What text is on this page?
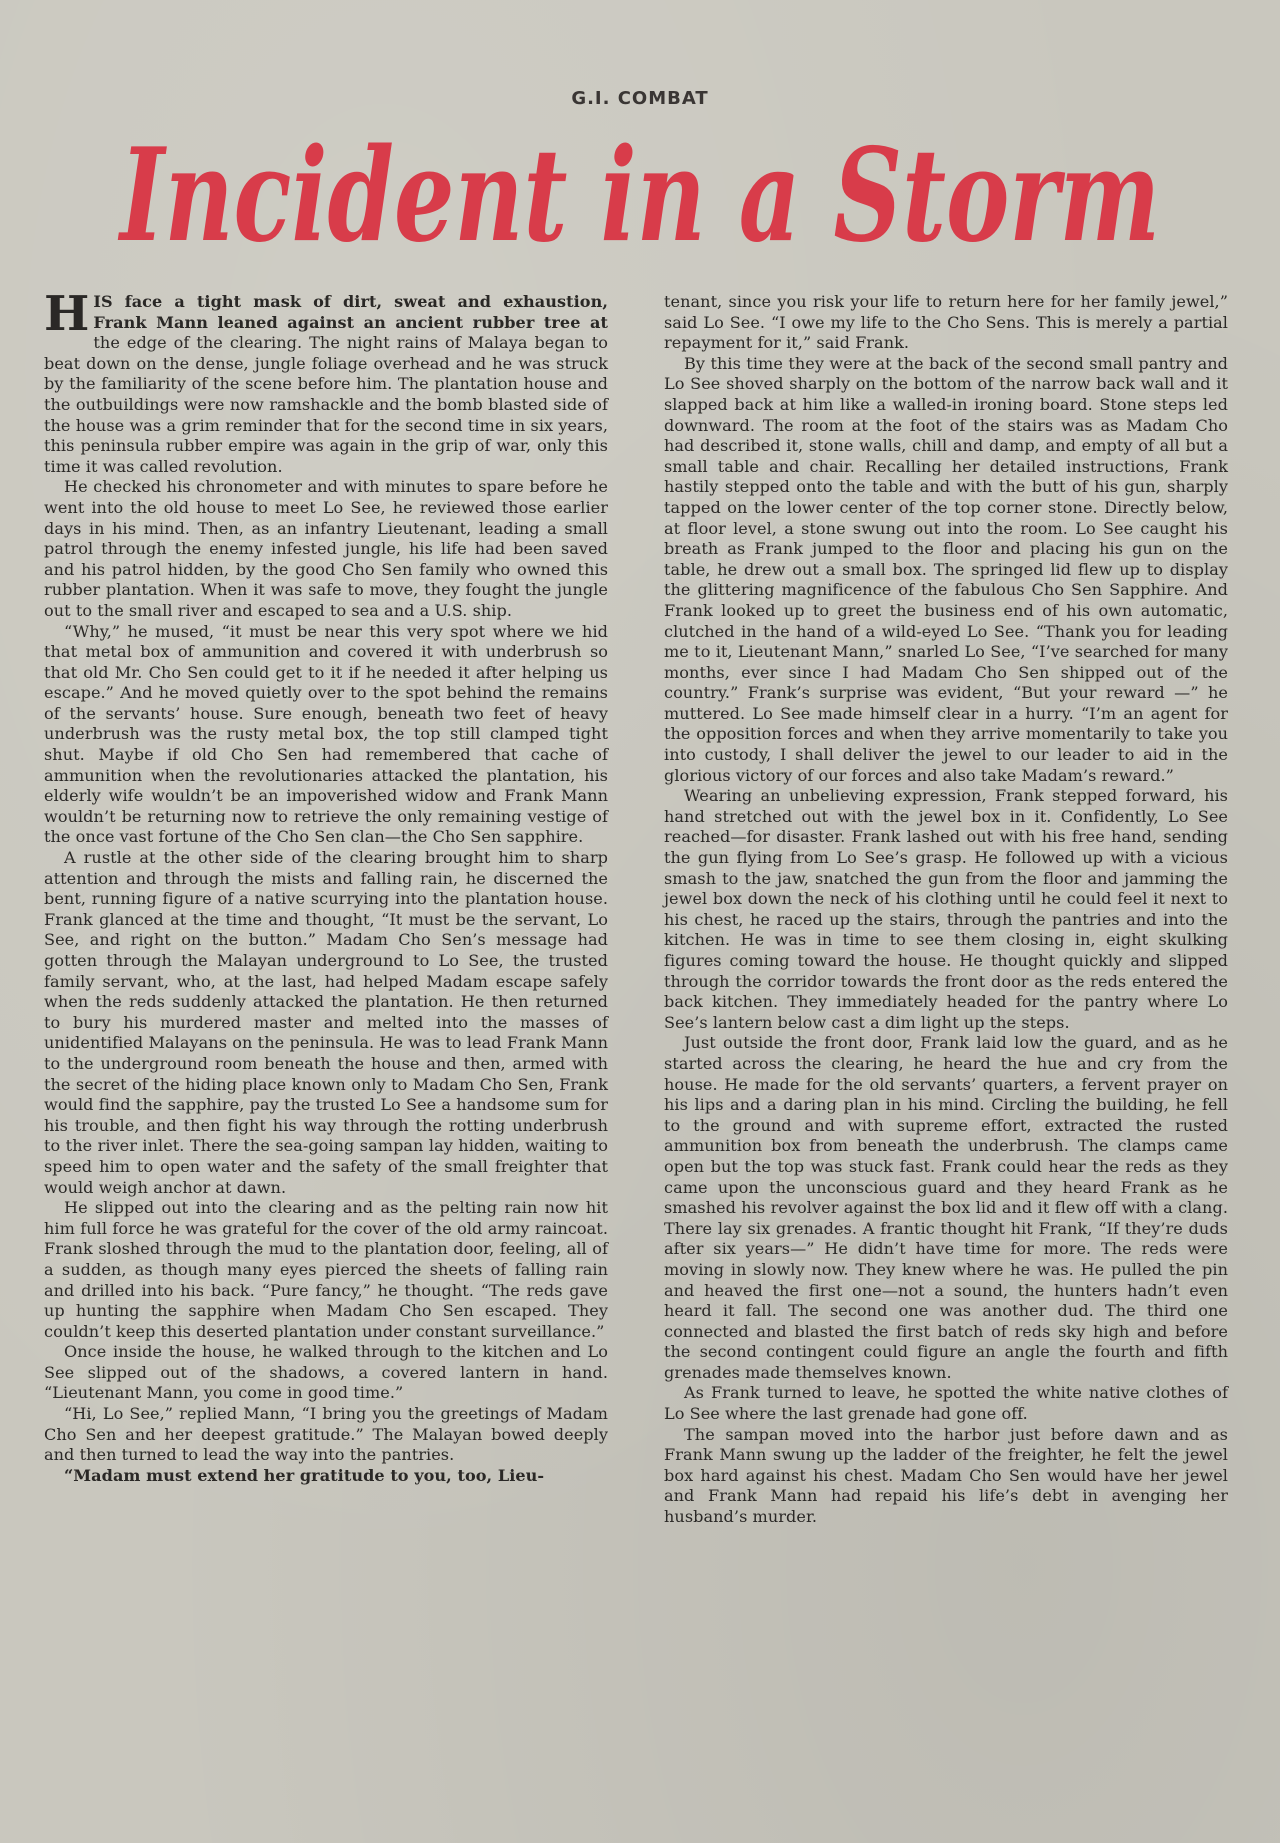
G.I. COMBAT
Incident in a Storm

HIS face a tight mask of dirt, sweat and exhaustion, Frank Mann leaned against an ancient rubber tree at the edge of the clearing. The night rains of Malaya began to beat down on the dense, jungle foliage overhead and he was struck by the familiarity of the scene before him. The plantation house and the outbuildings were now ramshackle and the bomb blasted side of the house was a grim reminder that for the second time in six years, this peninsula rubber empire was again in the grip of war, only this time it was called revolution.

He checked his chronometer and with minutes to spare before he went into the old house to meet Lo See, he reviewed those earlier days in his mind. Then, as an infantry Lieutenant, leading a small patrol through the enemy infested jungle, his life had been saved and his patrol hidden, by the good Cho Sen family who owned this rubber plantation. When it was safe to move, they fought the jungle out to the small river and escaped to sea and a U.S. ship.

“Why,” he mused, “it must be near this very spot where we hid that metal box of ammunition and covered it with underbrush so that old Mr. Cho Sen could get to it if he needed it after helping us escape.” And he moved quietly over to the spot behind the remains of the servants’ house. Sure enough, beneath two feet of heavy underbrush was the rusty metal box, the top still clamped tight shut. Maybe if old Cho Sen had remembered that cache of ammunition when the revolutionaries attacked the plantation, his elderly wife wouldn’t be an impoverished widow and Frank Mann wouldn’t be returning now to retrieve the only remaining vestige of the once vast fortune of the Cho Sen clan—the Cho Sen sapphire.

A rustle at the other side of the clearing brought him to sharp attention and through the mists and falling rain, he discerned the bent, running figure of a native scurrying into the plantation house. Frank glanced at the time and thought, “It must be the servant, Lo See, and right on the button.” Madam Cho Sen’s message had gotten through the Malayan underground to Lo See, the trusted family servant, who, at the last, had helped Madam escape safely when the reds suddenly attacked the plantation. He then returned to bury his murdered master and melted into the masses of unidentified Malayans on the peninsula. He was to lead Frank Mann to the underground room beneath the house and then, armed with the secret of the hiding place known only to Madam Cho Sen, Frank would find the sapphire, pay the trusted Lo See a handsome sum for his trouble, and then fight his way through the rotting underbrush to the river inlet. There the sea-going sampan lay hidden, waiting to speed him to open water and the safety of the small freighter that would weigh anchor at dawn.

He slipped out into the clearing and as the pelting rain now hit him full force he was grateful for the cover of the old army raincoat. Frank sloshed through the mud to the plantation door, feeling, all of a sudden, as though many eyes pierced the sheets of falling rain and drilled into his back. “Pure fancy,” he thought. “The reds gave up hunting the sapphire when Madam Cho Sen escaped. They couldn’t keep this deserted plantation under constant surveillance.”

Once inside the house, he walked through to the kitchen and Lo See slipped out of the shadows, a covered lantern in hand. “Lieutenant Mann, you come in good time.”

“Hi, Lo See,” replied Mann, “I bring you the greetings of Madam Cho Sen and her deepest gratitude.” The Malayan bowed deeply and then turned to lead the way into the pantries.

“Madam must extend her gratitude to you, too, Lieu-

tenant, since you risk your life to return here for her family jewel,” said Lo See. “I owe my life to the Cho Sens. This is merely a partial repayment for it,” said Frank.

By this time they were at the back of the second small pantry and Lo See shoved sharply on the bottom of the narrow back wall and it slapped back at him like a walled-in ironing board. Stone steps led downward. The room at the foot of the stairs was as Madam Cho had described it, stone walls, chill and damp, and empty of all but a small table and chair. Recalling her detailed instructions, Frank hastily stepped onto the table and with the butt of his gun, sharply tapped on the lower center of the top corner stone. Directly below, at floor level, a stone swung out into the room. Lo See caught his breath as Frank jumped to the floor and placing his gun on the table, he drew out a small box. The springed lid flew up to display the glittering magnificence of the fabulous Cho Sen Sapphire. And Frank looked up to greet the business end of his own automatic, clutched in the hand of a wild-eyed Lo See. “Thank you for leading me to it, Lieutenant Mann,” snarled Lo See, “I’ve searched for many months, ever since I had Madam Cho Sen shipped out of the country.” Frank’s surprise was evident, “But your reward —” he muttered. Lo See made himself clear in a hurry. “I’m an agent for the opposition forces and when they arrive momentarily to take you into custody, I shall deliver the jewel to our leader to aid in the glorious victory of our forces and also take Madam’s reward.”

Wearing an unbelieving expression, Frank stepped forward, his hand stretched out with the jewel box in it. Confidently, Lo See reached—for disaster. Frank lashed out with his free hand, sending the gun flying from Lo See’s grasp. He followed up with a vicious smash to the jaw, snatched the gun from the floor and jamming the jewel box down the neck of his clothing until he could feel it next to his chest, he raced up the stairs, through the pantries and into the kitchen. He was in time to see them closing in, eight skulking figures coming toward the house. He thought quickly and slipped through the corridor towards the front door as the reds entered the back kitchen. They immediately headed for the pantry where Lo See’s lantern below cast a dim light up the steps.

Just outside the front door, Frank laid low the guard, and as he started across the clearing, he heard the hue and cry from the house. He made for the old servants’ quarters, a fervent prayer on his lips and a daring plan in his mind. Circling the building, he fell to the ground and with supreme effort, extracted the rusted ammunition box from beneath the underbrush. The clamps came open but the top was stuck fast. Frank could hear the reds as they came upon the unconscious guard and they heard Frank as he smashed his revolver against the box lid and it flew off with a clang. There lay six grenades. A frantic thought hit Frank, “If they’re duds after six years—” He didn’t have time for more. The reds were moving in slowly now. They knew where he was. He pulled the pin and heaved the first one—not a sound, the hunters hadn’t even heard it fall. The second one was another dud. The third one connected and blasted the first batch of reds sky high and before the second contingent could figure an angle the fourth and fifth grenades made themselves known.

As Frank turned to leave, he spotted the white native clothes of Lo See where the last grenade had gone off.

The sampan moved into the harbor just before dawn and as Frank Mann swung up the ladder of the freighter, he felt the jewel box hard against his chest. Madam Cho Sen would have her jewel and Frank Mann had repaid his life’s debt in avenging her husband’s murder.
